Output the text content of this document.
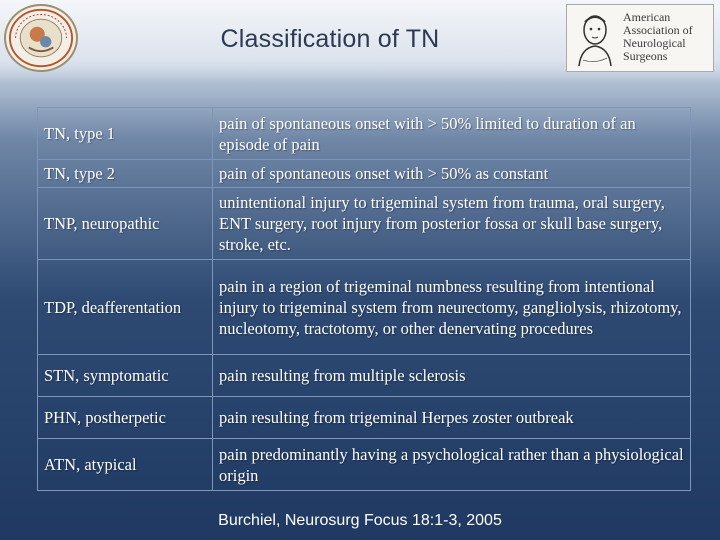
Classification of TN
American
Association of
Neurological
Surgeons
TN, type 1	pain of spontaneous onset with > 50% limited to duration of an episode of pain
TN, type 2	pain of spontaneous onset with > 50% as constant
TNP, neuropathic	unintentional injury to trigeminal system from trauma, oral surgery, ENT surgery, root injury from posterior fossa or skull base surgery, stroke, etc.
TDP, deafferentation	pain in a region of trigeminal numbness resulting from intentional injury to trigeminal system from neurectomy, gangliolysis, rhizotomy, nucleotomy, tractotomy, or other denervating procedures
STN, symptomatic	pain resulting from multiple sclerosis
PHN, postherpetic	pain resulting from trigeminal Herpes zoster outbreak
ATN, atypical	pain predominantly having a psychological rather than a physiological origin
Burchiel, Neurosurg Focus 18:1-3, 2005
